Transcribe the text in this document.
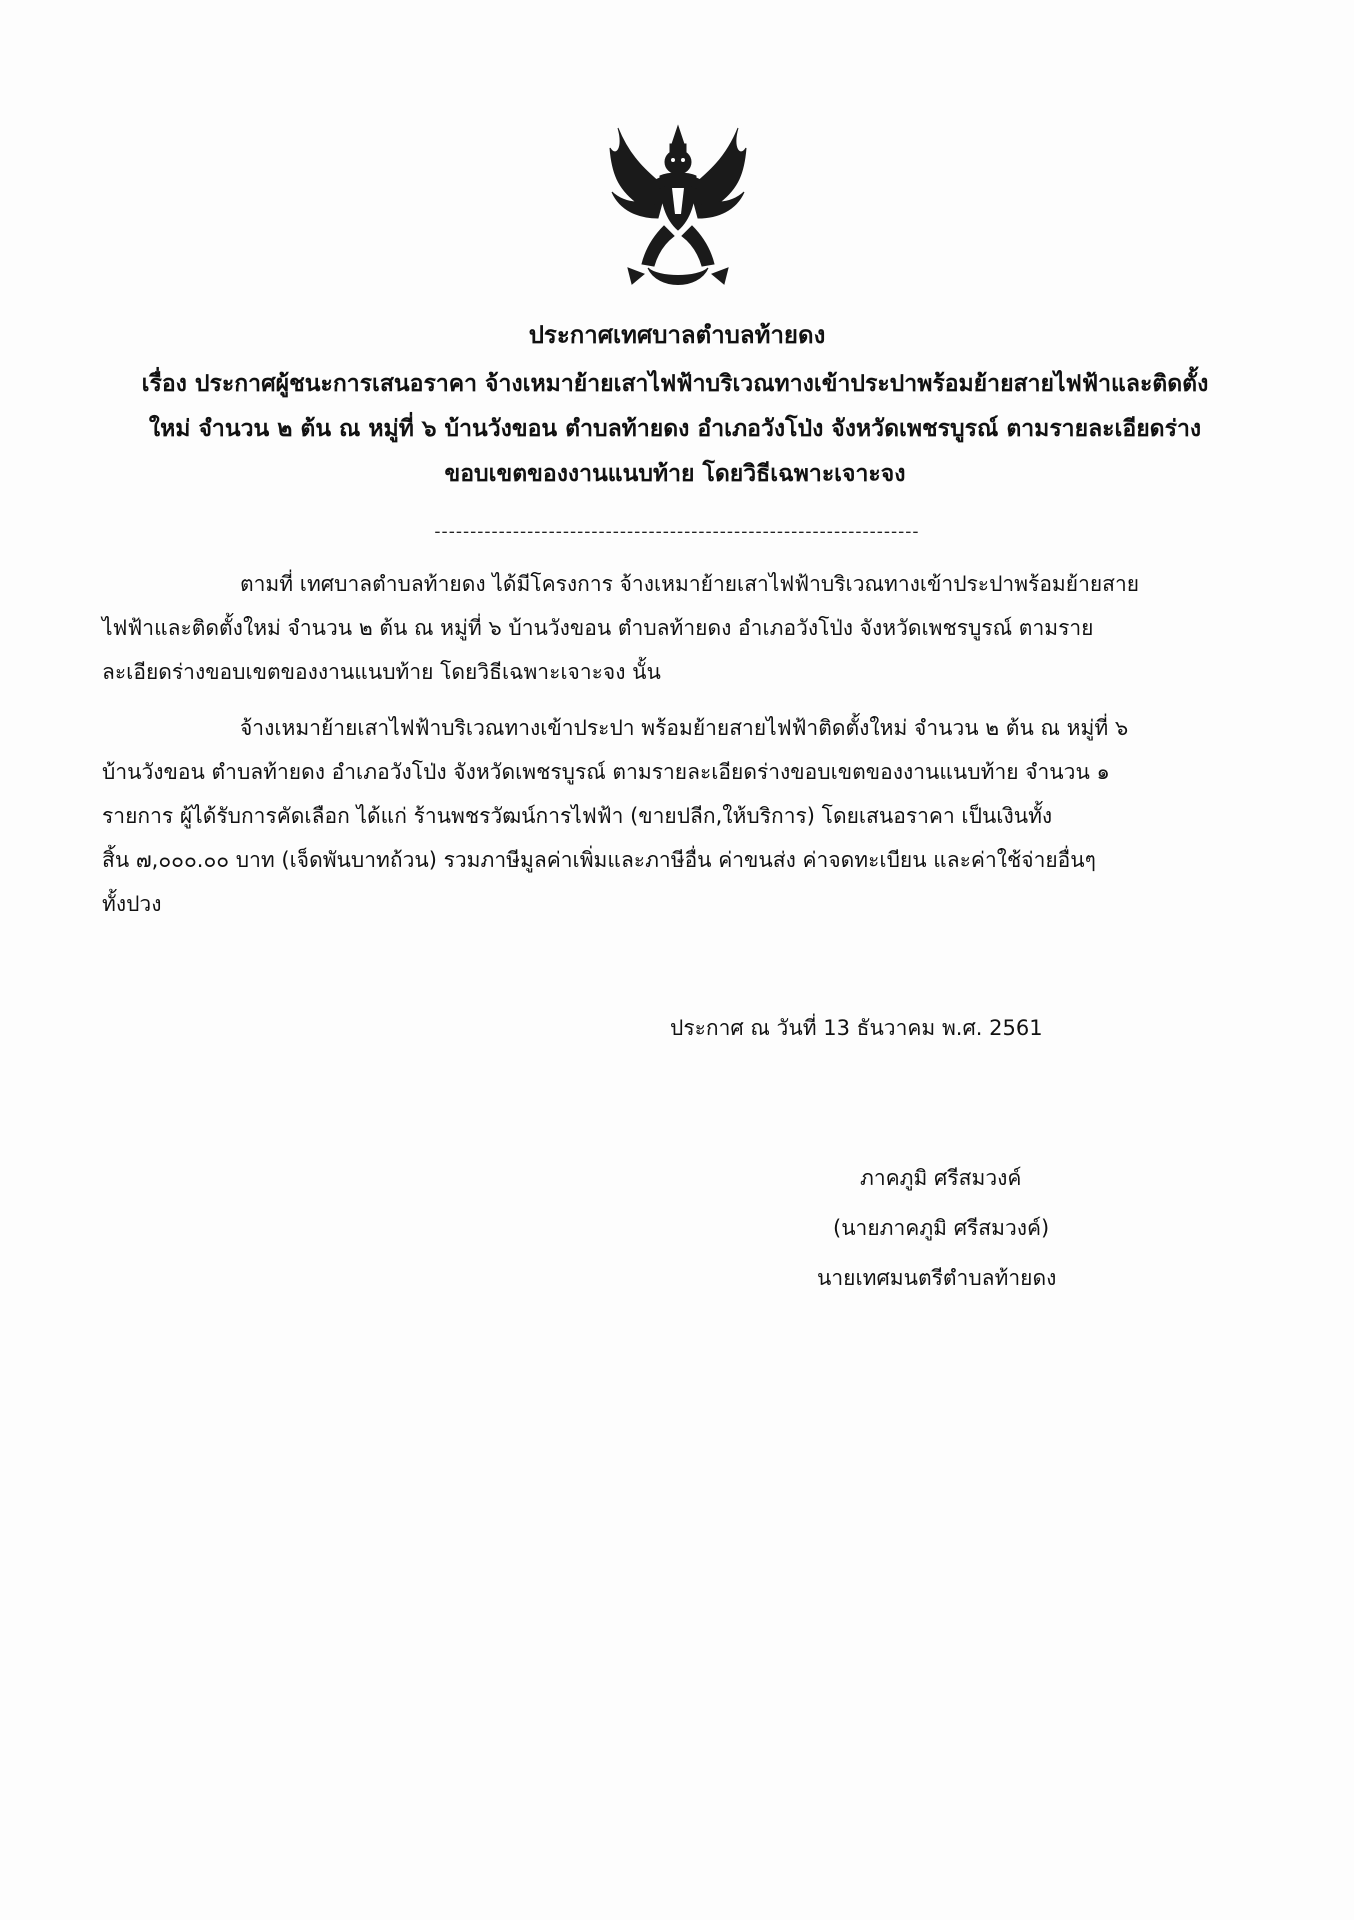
ประกาศเทศบาลตำบลท้ายดง
เรื่อง ประกาศผู้ชนะการเสนอราคา จ้างเหมาย้ายเสาไฟฟ้าบริเวณทางเข้าประปาพร้อมย้ายสายไฟฟ้าและติดตั้ง
ใหม่ จำนวน ๒ ต้น ณ หมู่ที่ ๖ บ้านวังขอน ตำบลท้ายดง อำเภอวังโป่ง จังหวัดเพชรบูรณ์ ตามรายละเอียดร่าง
ขอบเขตของงานแนบท้าย โดยวิธีเฉพาะเจาะจง
--------------------------------------------------------------------
ตามที่ เทศบาลตำบลท้ายดง ได้มีโครงการ จ้างเหมาย้ายเสาไฟฟ้าบริเวณทางเข้าประปาพร้อมย้ายสาย
ไฟฟ้าและติดตั้งใหม่ จำนวน ๒ ต้น ณ หมู่ที่ ๖ บ้านวังขอน ตำบลท้ายดง อำเภอวังโป่ง จังหวัดเพชรบูรณ์ ตามราย
ละเอียดร่างขอบเขตของงานแนบท้าย โดยวิธีเฉพาะเจาะจง นั้น
จ้างเหมาย้ายเสาไฟฟ้าบริเวณทางเข้าประปา พร้อมย้ายสายไฟฟ้าติดตั้งใหม่ จำนวน ๒ ต้น ณ หมู่ที่ ๖
บ้านวังขอน ตำบลท้ายดง อำเภอวังโป่ง จังหวัดเพชรบูรณ์ ตามรายละเอียดร่างขอบเขตของงานแนบท้าย จำนวน ๑
รายการ ผู้ได้รับการคัดเลือก ได้แก่ ร้านพชรวัฒน์การไฟฟ้า (ขายปลีก,ให้บริการ) โดยเสนอราคา เป็นเงินทั้ง
สิ้น ๗,๐๐๐.๐๐ บาท (เจ็ดพันบาทถ้วน) รวมภาษีมูลค่าเพิ่มและภาษีอื่น ค่าขนส่ง ค่าจดทะเบียน และค่าใช้จ่ายอื่นๆ
ทั้งปวง
ประกาศ ณ วันที่ 13 ธันวาคม พ.ศ. 2561
ภาคภูมิ ศรีสมวงค์
(นายภาคภูมิ ศรีสมวงค์)
นายเทศมนตรีตำบลท้ายดง
